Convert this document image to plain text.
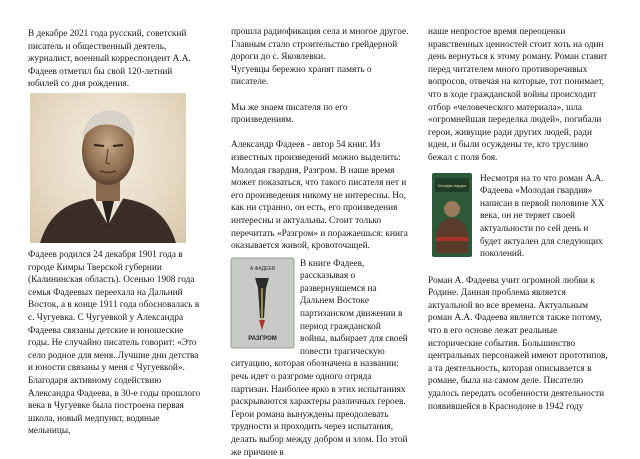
В декабре 2021 года русский, советский писатель и общественный деятель, журналист, военный корреспондент А.А. Фадеев отметил бы свой 120-летний юбилей со дня рождения.

Фадеев родился 24 декабря 1901 года в городе Кимры Тверской губернии (Калининская область). Осенью 1908 года семья Фадеевых переехала на Дальний Восток, а в конце 1911 года обосновалась в с. Чугуевка. С Чугуевкой у Александра Фадеева связаны детские и юношеские годы. Не случайно писатель говорит: «Это село родное для меня. Лучшие дни детства и юности связаны у меня с Чугуевкой». Благодаря активному содействию Александра Фадеева, в 30-е годы прошлого века в Чугуевке была построена первая школа, новый медпункт, водяные мельницы,

прошла радиофикация села и многое другое. Главным стало строительство грейдерной дороги до с. Яковлевки.

Чугуевцы бережно хранят память о писателе.

Мы же знаем писателя по его произведениям.

Александр Фадеев - автор 54 книг. Из известных произведений можно выделить: Молодая гвардия, Разгром. В наше время может показаться, что такого писателя нет и его произведения никому не интересны. Но, как ни странно, он есть, его произведения интересны и актуальны. Стоит только перечитать «Разгром» и поражаешься: книга оказывается живой, кровоточащей.

А.ФАДЕЕВ
РАЗГРОМ

В книге Фадеев, рассказывая о развернувшемся на Дальнем Востоке партизанском движении в период гражданской войны, выбирает для своей повести трагическую ситуацию, которая обозначена в названии: речь идет о разгроме одного отряда партизан. Наиболее ярко в этих испытаниях раскрываются характеры различных героев. Герои романа вынуждены преодолевать трудности и проходить через испытания, делать выбор между добром и злом. По этой же причине в

наше непростое время переоценки нравственных ценностей стоит хоть на один день вернуться к этому роману. Роман ставит перед читателем много противоречивых вопросов, отвечая на которые, тот понимает, что в ходе гражданской войны происходит отбор «человеческого материала», шла «огромнейшая переделка людей», погибали герои, живущие ради других людей, ради идеи, и были осуждены те, кто трусливо бежал с поля боя.

Молодая гвардия

Несмотря на то что роман А.А. Фадеева «Молодая гвардия» написан в первой половине XX века, он не теряет своей актуальности по сей день и будет актуален для следующих поколений.

Роман А. Фадеева учит огромной любви к Родине. Данная проблема является актуальной во все времена. Актуальным роман А.А. Фадеева является также потому, что в его основе лежат реальные исторические события. Большинство центральных персонажей имеют прототипов, а та деятельность, которая описывается в романе, была на самом деле. Писателю удалось передать особенности деятельности появившейся в Краснодоне в 1942 году
